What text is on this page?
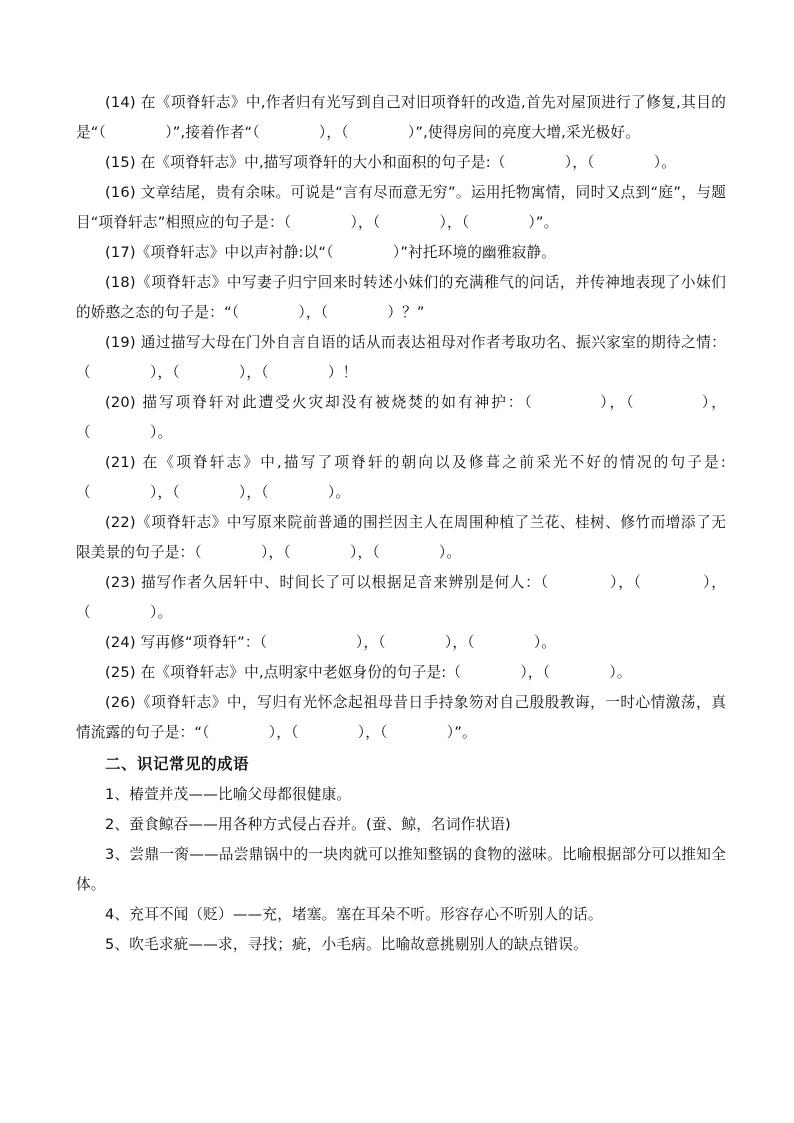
(14) 在《项脊轩志》中,作者归有光写到自己对旧项脊轩的改造,首先对屋顶进行了修复,其目的是“（　　　　）”,接着作者“（　　　　），（　　　　）”,使得房间的亮度大增,采光极好。

(15) 在《项脊轩志》中,描写项脊轩的大小和面积的句子是:（　　　　），（　　　　）。

(16) 文章结尾，贵有余味。可说是“言有尽而意无穷”。运用托物寓情，同时又点到“庭”，与题目“项脊轩志”相照应的句子是：（　　　　），（　　　　），（　　　　）”。

(17)《项脊轩志》中以声衬静:以“（　　　　）”衬托环境的幽雅寂静。

(18)《项脊轩志》中写妻子归宁回来时转述小妹们的充满稚气的问话，并传神地表现了小妹们的娇憨之态的句子是：“（　　　　），（　　　　）？”

(19) 通过描写大母在门外自言自语的话从而表达祖母对作者考取功名、振兴家室的期待之情：（　　　　），（　　　　），（　　　　）！

(20) 描写项脊轩对此遭受火灾却没有被烧焚的如有神护：（　　　　），（　　　　），（　　　　）。

(21) 在《项脊轩志》中,描写了项脊轩的朝向以及修葺之前采光不好的情况的句子是:（　　　　），（　　　　），（　　　　）。

(22)《项脊轩志》中写原来院前普通的围拦因主人在周围种植了兰花、桂树、修竹而增添了无限美景的句子是：（　　　　），（　　　　），（　　　　）。

(23) 描写作者久居轩中、时间长了可以根据足音来辨别是何人：（　　　　），（　　　　），（　　　　）。

(24) 写再修“项脊轩”：（　　　　　　），（　　　　），（　　　　）。

(25) 在《项脊轩志》中,点明家中老妪身份的句子是:（　　　　），（　　　　）。

(26)《项脊轩志》中，写归有光怀念起祖母昔日手持象笏对自己殷殷教诲，一时心情激荡，真情流露的句子是：“（　　　　），（　　　　），（　　　　）”。

二、识记常见的成语

1、椿萱并茂——比喻父母都很健康。

2、蚕食鲸吞——用各种方式侵占吞并。(蚕、鲸，名词作状语)

3、尝鼎一脔——品尝鼎锅中的一块肉就可以推知整锅的食物的滋味。比喻根据部分可以推知全体。

4、充耳不闻（贬）——充，堵塞。塞在耳朵不听。形容存心不听别人的话。

5、吹毛求疵——求，寻找；疵，小毛病。比喻故意挑剔别人的缺点错误。
